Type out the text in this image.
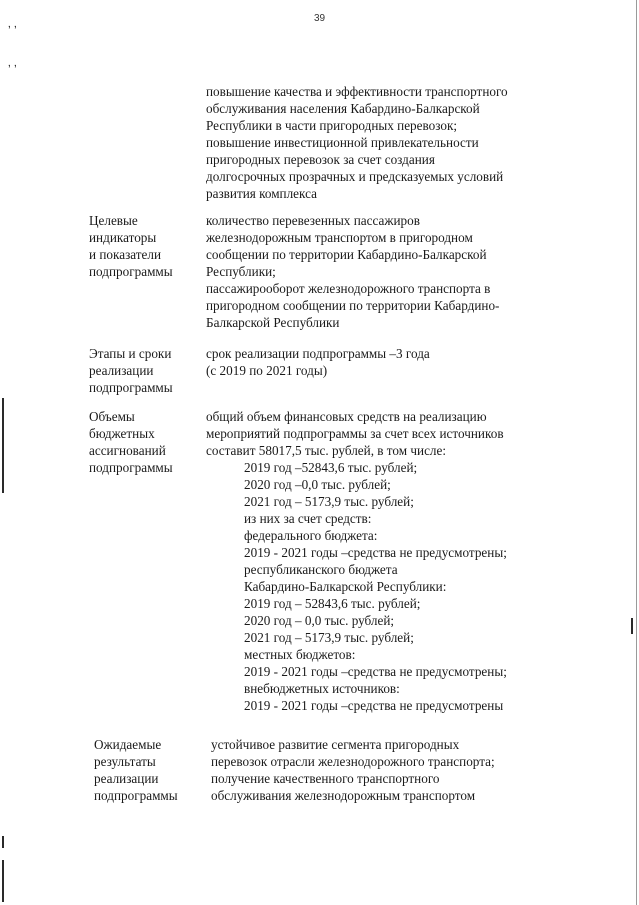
39
‚ ‚
‚ ‚
повышение качества и эффективности транспортного
обслуживания населения Кабардино-Балкарской
Республики в части пригородных перевозок;
повышение инвестиционной привлекательности
пригородных перевозок за счет создания
долгосрочных прозрачных и предсказуемых условий
развития комплекса
Целевые
индикаторы
и показатели
подпрограммы
количество перевезенных пассажиров
железнодорожным транспортом в пригородном
сообщении по территории Кабардино-Балкарской
Республики;
пассажирооборот железнодорожного транспорта в
пригородном сообщении по территории Кабардино-
Балкарской Республики
Этапы и сроки
реализации
подпрограммы
срок реализации подпрограммы –3 года
(с 2019 по 2021 годы)
Объемы
бюджетных
ассигнований
подпрограммы
общий объем финансовых средств на реализацию
мероприятий подпрограммы за счет всех источников
составит 58017,5 тыс. рублей, в том числе:
2019 год –52843,6 тыс. рублей;
2020 год –0,0 тыс. рублей;
2021 год – 5173,9 тыс. рублей;
из них за счет средств:
федерального бюджета:
2019 - 2021 годы –средства не предусмотрены;
республиканского бюджета
Кабардино-Балкарской Республики:
2019 год – 52843,6 тыс. рублей;
2020 год – 0,0 тыс. рублей;
2021 год – 5173,9 тыс. рублей;
местных бюджетов:
2019 - 2021 годы –средства не предусмотрены;
внебюджетных источников:
2019 - 2021 годы –средства не предусмотрены
Ожидаемые
результаты
реализации
подпрограммы
устойчивое развитие сегмента пригородных
перевозок отрасли железнодорожного транспорта;
получение качественного транспортного
обслуживания железнодорожным транспортом
